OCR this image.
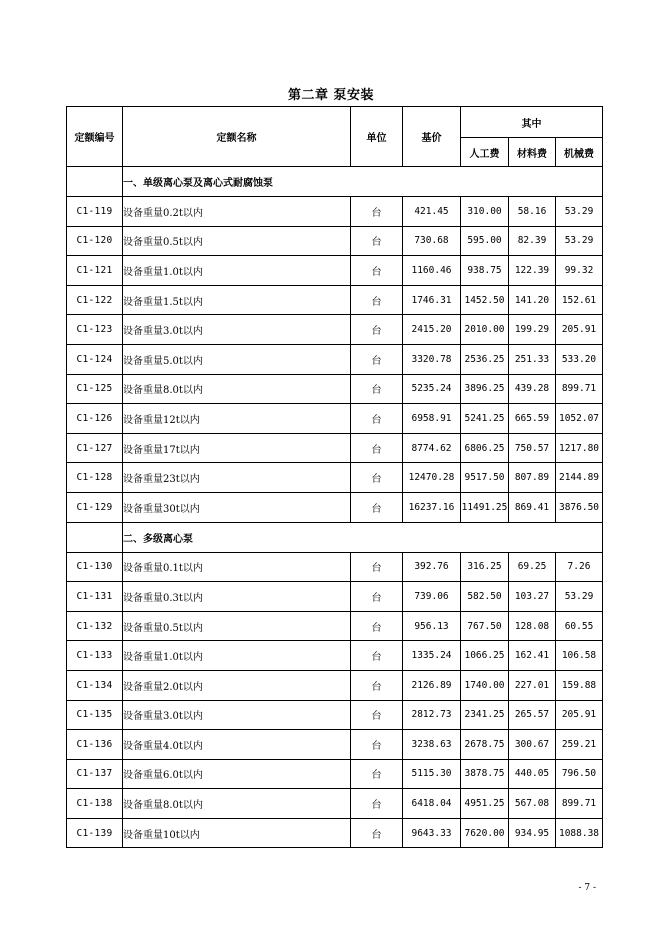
第二章 泵安装
定额编号	定额名称	单位	基价	其中		
				人工费	材料费	机械费
	一、单级离心泵及离心式耐腐蚀泵					
C1-119	设备重量0.2t以内	台	421.45	310.00	58.16	53.29
C1-120	设备重量0.5t以内	台	730.68	595.00	82.39	53.29
C1-121	设备重量1.0t以内	台	1160.46	938.75	122.39	99.32
C1-122	设备重量1.5t以内	台	1746.31	1452.50	141.20	152.61
C1-123	设备重量3.0t以内	台	2415.20	2010.00	199.29	205.91
C1-124	设备重量5.0t以内	台	3320.78	2536.25	251.33	533.20
C1-125	设备重量8.0t以内	台	5235.24	3896.25	439.28	899.71
C1-126	设备重量12t以内	台	6958.91	5241.25	665.59	1052.07
C1-127	设备重量17t以内	台	8774.62	6806.25	750.57	1217.80
C1-128	设备重量23t以内	台	12470.28	9517.50	807.89	2144.89
C1-129	设备重量30t以内	台	16237.16	11491.25	869.41	3876.50
	二、多级离心泵					
C1-130	设备重量0.1t以内	台	392.76	316.25	69.25	7.26
C1-131	设备重量0.3t以内	台	739.06	582.50	103.27	53.29
C1-132	设备重量0.5t以内	台	956.13	767.50	128.08	60.55
C1-133	设备重量1.0t以内	台	1335.24	1066.25	162.41	106.58
C1-134	设备重量2.0t以内	台	2126.89	1740.00	227.01	159.88
C1-135	设备重量3.0t以内	台	2812.73	2341.25	265.57	205.91
C1-136	设备重量4.0t以内	台	3238.63	2678.75	300.67	259.21
C1-137	设备重量6.0t以内	台	5115.30	3878.75	440.05	796.50
C1-138	设备重量8.0t以内	台	6418.04	4951.25	567.08	899.71
C1-139	设备重量10t以内	台	9643.33	7620.00	934.95	1088.38
- 7 -
